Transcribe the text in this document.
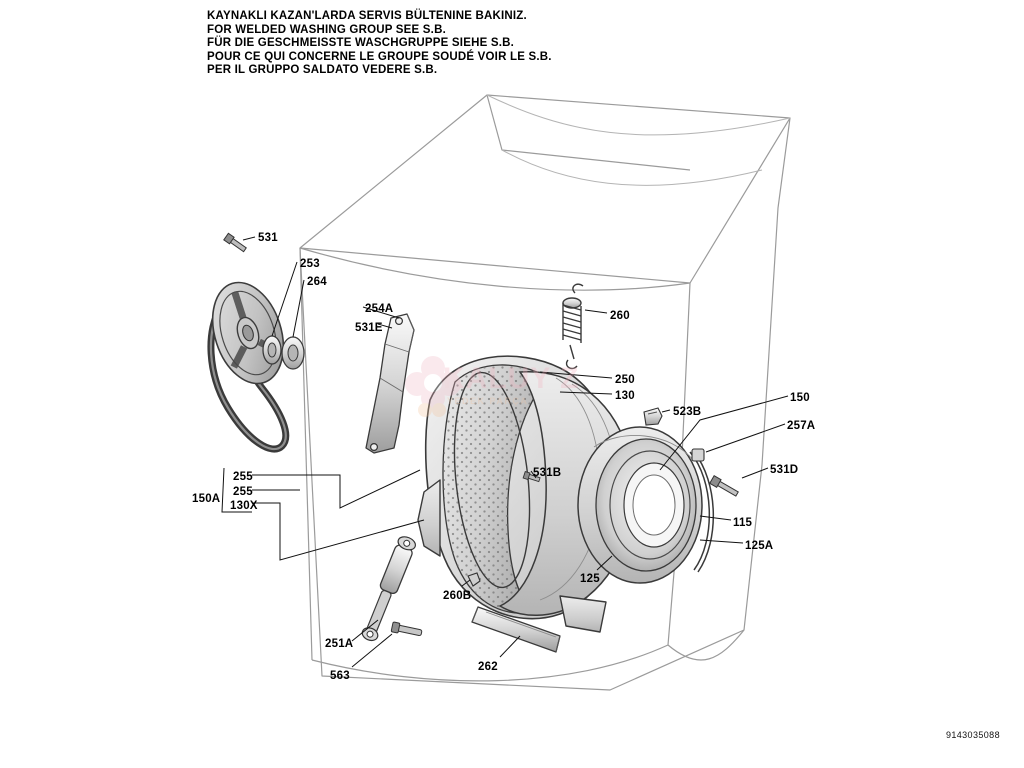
KALUY Z
YEDEK PARÇA
KAYNAKLI KAZAN'LARDA SERVIS BÜLTENINE BAKINIZ.
FOR WELDED WASHING GROUP SEE S.B.
FÜR DIE GESCHMEISSTE WASCHGRUPPE SIEHE S.B.
POUR CE QUI CONCERNE LE GROUPE SOUDÉ VOIR LE S.B.
PER IL GRUPPO SALDATO VEDERE S.B.
531
253
264
254A
531E
260
250
130
523B
150
257A
531D
531B
255
255
130X
150A
115
125A
125
260B
251A
563
262
9143035088
